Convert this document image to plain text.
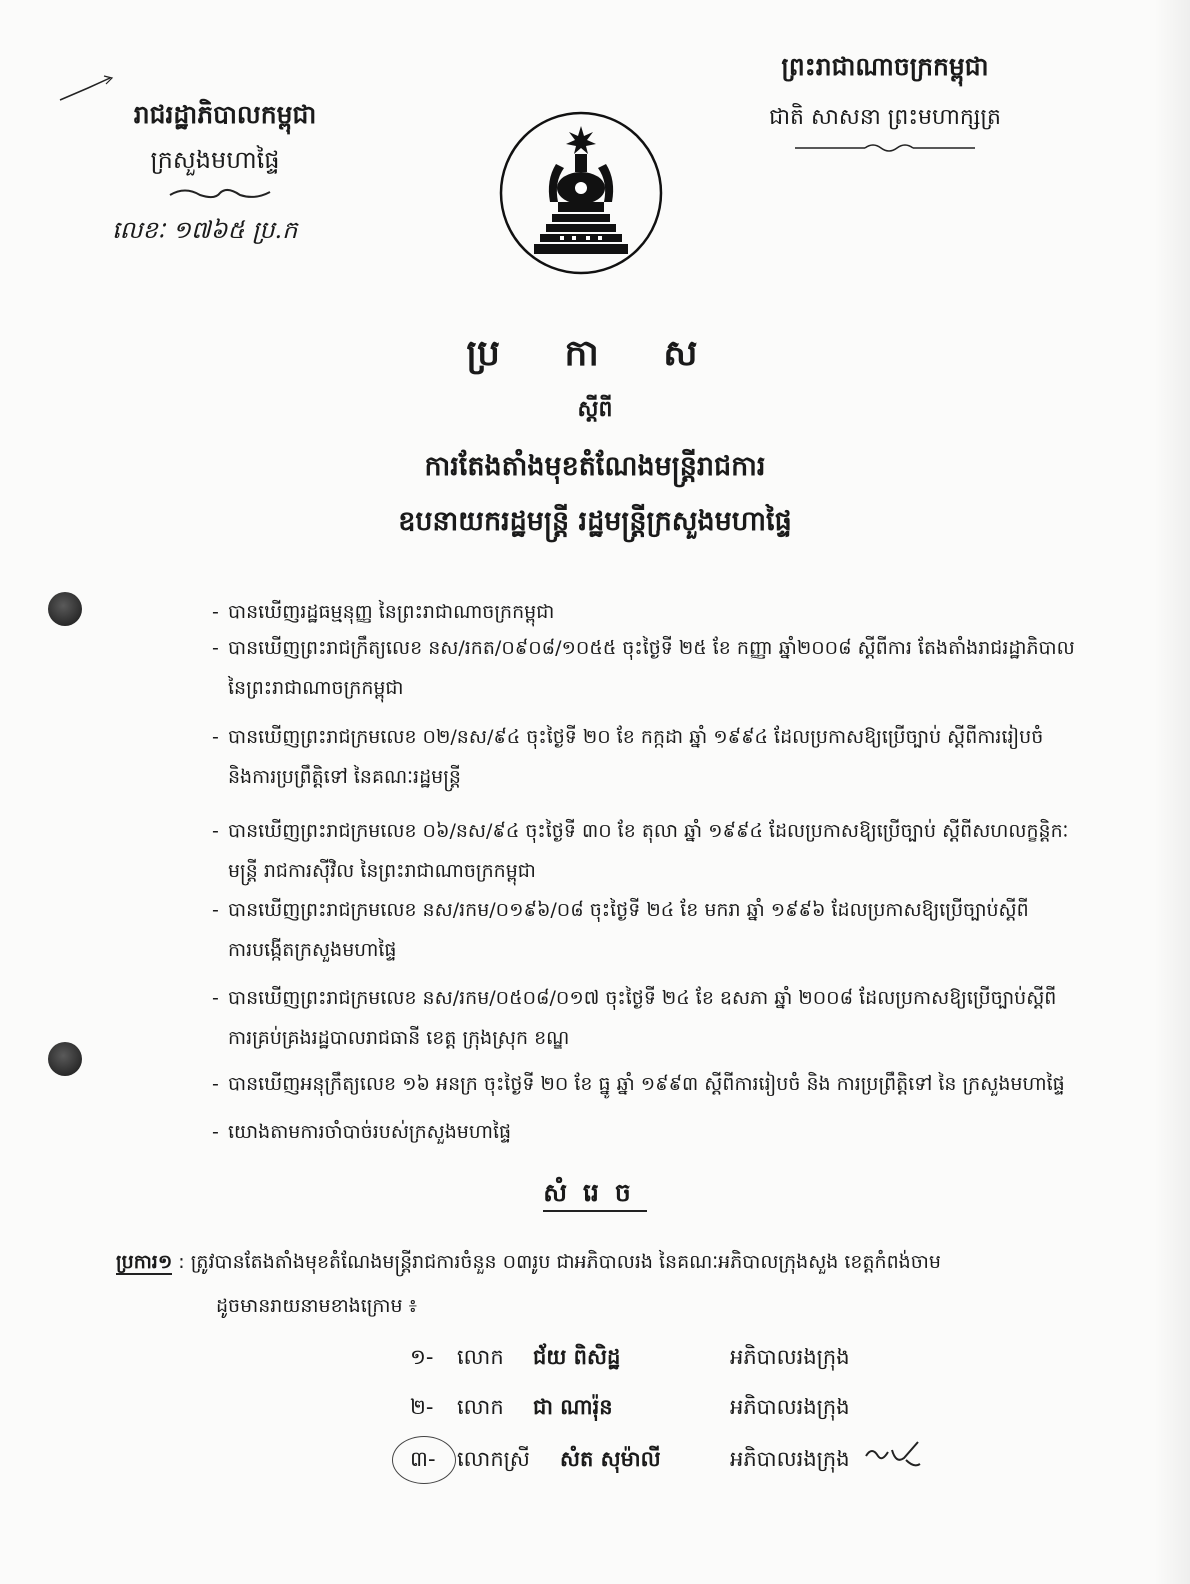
រាជរដ្ឋាភិបាលកម្ពុជា
ក្រសួងមហាផ្ទៃ
លេខៈ ១៧៦៥ ប្រ.ក
ព្រះរាជាណាចក្រកម្ពុជា
ជាតិ សាសនា ព្រះមហាក្សត្រ
ប្រ កា ស
ស្តីពី
ការតែងតាំងមុខតំណែងមន្ត្រីរាជការ
ឧបនាយករដ្ឋមន្ត្រី រដ្ឋមន្ត្រីក្រសួងមហាផ្ទៃ
- បានឃើញរដ្ឋធម្មនុញ្ញ នៃព្រះរាជាណាចក្រកម្ពុជា
- បានឃើញព្រះរាជក្រឹត្យលេខ នស/រកត/០៩០៨/១០៥៥ ចុះថ្ងៃទី ២៥ ខែ កញ្ញា ឆ្នាំ២០០៨ ស្តីពីការ តែងតាំងរាជរដ្ឋាភិបាល
នៃព្រះរាជាណាចក្រកម្ពុជា
- បានឃើញព្រះរាជក្រមលេខ ០២/នស/៩៤ ចុះថ្ងៃទី ២០ ខែ កក្កដា ឆ្នាំ ១៩៩៤ ដែលប្រកាសឱ្យប្រើច្បាប់ ស្តីពីការរៀបចំ
និងការប្រព្រឹត្តិទៅ នៃគណៈរដ្ឋមន្ត្រី
- បានឃើញព្រះរាជក្រមលេខ ០៦/នស/៩៤ ចុះថ្ងៃទី ៣០ ខែ តុលា ឆ្នាំ ១៩៩៤ ដែលប្រកាសឱ្យប្រើច្បាប់ ស្តីពីសហលក្ខន្តិកៈ
មន្ត្រី រាជការស៊ីវិល នៃព្រះរាជាណាចក្រកម្ពុជា
- បានឃើញព្រះរាជក្រមលេខ នស/រកម/០១៩៦/០៨ ចុះថ្ងៃទី ២៤ ខែ មករា ឆ្នាំ ១៩៩៦ ដែលប្រកាសឱ្យប្រើច្បាប់ស្តីពី
ការបង្កើតក្រសួងមហាផ្ទៃ
- បានឃើញព្រះរាជក្រមលេខ នស/រកម/០៥០៨/០១៧ ចុះថ្ងៃទី ២៤ ខែ ឧសភា ឆ្នាំ ២០០៨ ដែលប្រកាសឱ្យប្រើច្បាប់ស្តីពី
ការគ្រប់គ្រងរដ្ឋបាលរាជធានី ខេត្ត ក្រុងស្រុក ខណ្ឌ
- បានឃើញអនុក្រឹត្យលេខ ១៦ អនក្រ ចុះថ្ងៃទី ២០ ខែ ធ្នូ ឆ្នាំ ១៩៩៣ ស្តីពីការរៀបចំ និង ការប្រព្រឹត្តិទៅ នៃ ក្រសួងមហាផ្ទៃ
- យោងតាមការចាំបាច់របស់ក្រសួងមហាផ្ទៃ
សំរេច
ប្រការ១ : ត្រូវបានតែងតាំងមុខតំណែងមន្ត្រីរាជការចំនួន ០៣រូប ជាអភិបាលរង នៃគណៈអភិបាលក្រុងសួង ខេត្តកំពង់ចាម
ដូចមានរាយនាមខាងក្រោម ៖
១- លោក ជ័យ ពិសិដ្ឋ	អភិបាលរងក្រុង
២- លោក ជា ណារ៉ុន	អភិបាលរងក្រុង
៣- លោកស្រី សំត សុម៉ាលី	អភិបាលរងក្រុង
